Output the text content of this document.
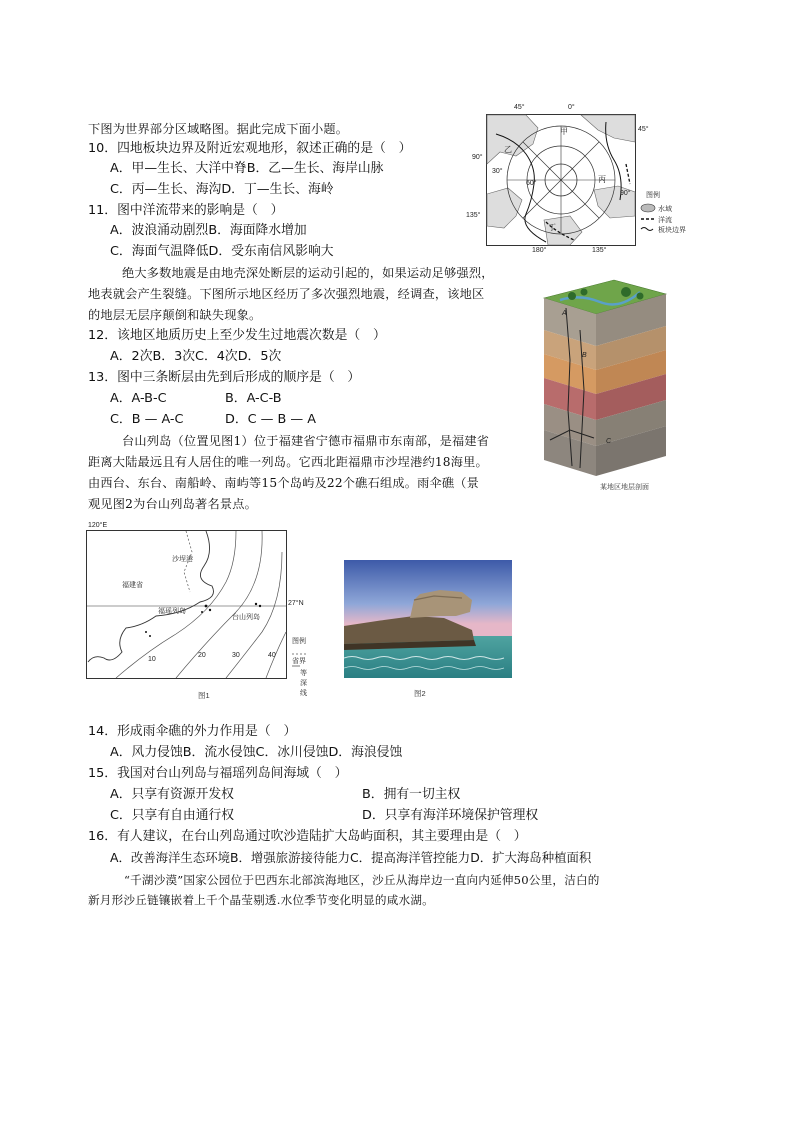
下图为世界部分区域略图。据此完成下面小题。
10．四地板块边界及附近宏观地形，叙述正确的是（　）
A．甲—生长、大洋中脊B．乙—生长、海岸山脉
C．丙—生长、海沟D．丁—生长、海岭
11．图中洋流带来的影响是（　）
A．波浪涌动剧烈B．海面降水增加
C．海面气温降低D．受东南信风影响大
绝大多数地震是由地壳深处断层的运动引起的，如果运动足够强烈，
地表就会产生裂缝。下图所示地区经历了多次强烈地震，经调查，该地区
的地层无层序颠倒和缺失现象。
12．该地区地质历史上至少发生过地震次数是（　）
A．2次B．3次C．4次D．5次
13．图中三条断层由先到后形成的顺序是（　）
A．A-B-C	B．A-C-B
C．B — A-C	D．C — B — A
台山列岛（位置见图1）位于福建省宁德市福鼎市东南部，是福建省
距离大陆最远且有人居住的唯一列岛。它西北距福鼎市沙埕港约18海里。
由西台、东台、南船岭、南屿等15个岛屿及22个礁石组成。雨伞礁（景
观见图2为台山列岛著名景点。
14．形成雨伞礁的外力作用是（　）
A．风力侵蚀B．流水侵蚀C．冰川侵蚀D．海浪侵蚀
15．我国对台山列岛与福瑶列岛间海域（　）
A．只享有资源开发权	B．拥有一切主权
C．只享有自由通行权	D．只享有海洋环境保护管理权
16．有人建议，在台山列岛通过吹沙造陆扩大岛屿面积，其主要理由是（　）
A．改善海洋生态环境B．增强旅游接待能力C．提高海洋管控能力D．扩大海岛种植面积
“千湖沙漠”国家公园位于巴西东北部滨海地区，沙丘从海岸边一直向内延伸50公里，洁白的
新月形沙丘链镶嵌着上千个晶莹剔透.水位季节变化明显的咸水湖。
45°	0°
45°
90°
30°
60°
90°
135°
180°	135°
甲
乙
丙
丁
图例
水域
洋流
板块边界
A
B
C
某地区地层剖面
120°E
27°N
沙埕港
福建省
福瑶列岛
台山列岛
10
20	30	40
图例
省界
等深线
图1	图2
